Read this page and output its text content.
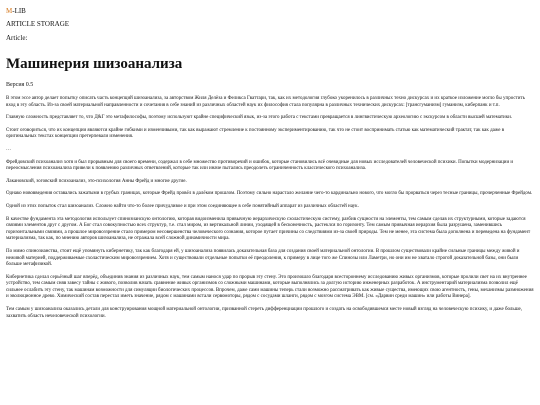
M-LIB
ARTICLE STORAGE
Article:
Машинерия шизоанализа
Версия 0.5

В этом эссе автор делает попытку описать часть концепций шизоанализа, за авторством Жиля Делёза и Феликса Гваттари, так, как их методология глубоко укоренилось в различных техно дискурсах и их краткое изложение могло бы упростить вход в эту область. Из-за своей материальной направленности и сочетания в себе знаний из различных областей наук их философия стала популярна в различных технических дискурсах: [трансгуманизм] гуманизм, киберпанк и т.п.

Главную сложность представляет то, что Д&Г это метафилософы, поэтому используют крайне специфический язык, из-за этого работа с текстами превращается в лингвистическую археологию с экскурсом в области высшей математики.

Стоит оговориться, что их концепции являются крайне гибкими и изменчивыми, так как выражают стремление к постоянному экспериментированию, так что не стоит воспринимать статью как математический трактат, так как даже в оригинальных текстах концепции претерпевали изменения.

…

Фрейдовский психоанализ хотя и был прорывным для своего времени, содержал в себе множество противоречий и ошибок, которые становились всё очевидные для новых исследователей человеческой психики. Попытки модернизации и переосмысления психоанализа привели к появлению различных ответвлений, которые так или иначе пытались преодолеть ограниченность классического психоанализа.

Лакановский, зоговский психоанализ, это-психология Анны Фрейд и многие другие.

Однако нововведения оставались зажатыми в грубых границах, которые Фрейд провёл в далёком прошлом. Поэтому сильно нарастало желание чего-то кардинально нового, что могло бы прорваться через тесные границы, прочерченные Фрейдом.

Одной из этих попыток стал шизоанализ. Сложно найти что-то более причудливое и при этом соединяющее в себе понятийный аппарат из различных областей наук.

В качестве фундамента эта методология использует спинозианскую онтологию, которая видоизменила привычную иерархическую схоластическую систему, разбив сущности на элементы, тем самым сделав их структурными, которые задаются связями элементов друг с другом. А Бог стал совокупностью всех структур, т.е. стал миром, из вертикальной линии, уходящей в бесконечность, растеклся по горизонту. Тем самым привычная иерархия была разрушена, заменившись горизонтальными связями, а прошлое мировоззрение стало примером несовершенства человеческого сознания, которое путает причины со следствиями из-за своей природы. Тем не менее, эта система была дополнена и переведена на фундамент материализма, так как, по мнению авторов шизоанализа, не отражала всей сложной динамичности мира.

По мимо спинозианства, стоит ещё упомянуть кибернетику, так как благодаря ей, у шизоанализа появилась доказательная база для создания своей материальной онтологии. В прошлом существовали крайне сильные границы между живой и неживой материей, поддерживаемые схоластическим мировоззрением. Хотя и существовали отдельные попытки её преодоления, к примеру в лице того же Спинозы или Ламетри, но они им не хватало строгой доказательной базы, они были больше метафизикой.

Кибернетика сделал серьёзный шаг вперёд, объединив знания из различных наук, тем самым нанося удар по прорыв эту стену. Это произошло благодаря всестороннему исследованию живых организмов, которые пролили свет на их внутреннее устройство, тем самым сняв завесу тайны с живого, позволив начать сравнение живых организмов со сложными машинами, которые выполнялись за долгую историю инженерных разработок. А инструментарий материализма позволил ещё сильнее ослабить эту стену, так машинам возможности для симуляции биологических процессов. Впрочем, даже сами машины теперь стали возможно рассматривать как живые существа, имеющих свою агентность, гены, механизмы размножения и эволюционное древо. Химический состав перестал иметь значение, рядом с машинами встали сервомоторы, рядом с сосудами шланги, рядом с мозгом система ЭВМ. [см. «Дарвин среди машин» или работы Винера].

Тем самым у шизоанализа оказались детали для конструирования мощной материальной онтологии, призванной стереть дифференциации прошлого и создать на освободившемся месте новый взгляд на человеческую психику, и даже больше, захватить область нечеловеческой психологии.
